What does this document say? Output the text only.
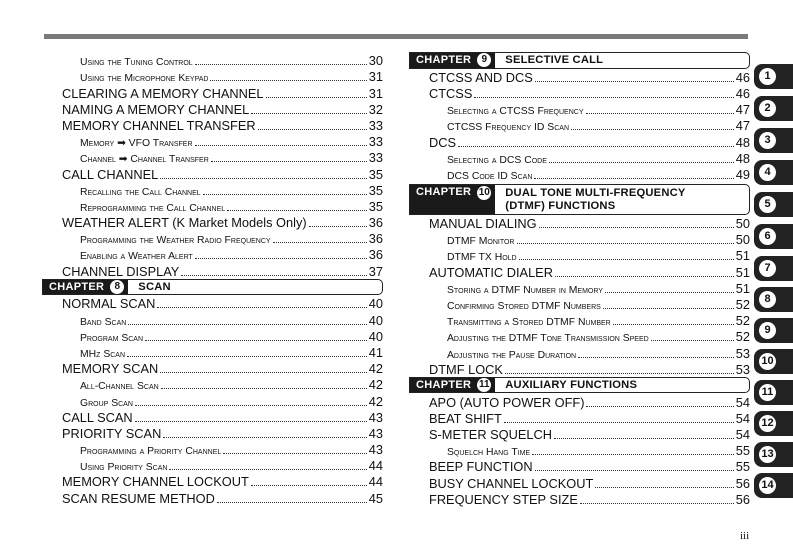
Using the Tuning Control	30
Using the Microphone Keypad	31
CLEARING A MEMORY CHANNEL	31
NAMING A MEMORY CHANNEL	32
MEMORY CHANNEL TRANSFER	33
Memory ➡ VFO Transfer	33
Channel ➡ Channel Transfer	33
CALL CHANNEL	35
Recalling the Call Channel	35
Reprogramming the Call Channel	35
WEATHER ALERT (K Market Models Only)	36
Programming the Weather Radio Frequency	36
Enabling a Weather Alert	36
CHANNEL DISPLAY	37
CHAPTER	8	SCAN
NORMAL SCAN	40
Band Scan	40
Program Scan	40
MHz Scan	41
MEMORY SCAN	42
All-Channel Scan	42
Group Scan	42
CALL SCAN	43
PRIORITY SCAN	43
Programming a Priority Channel	43
Using Priority Scan	44
MEMORY CHANNEL LOCKOUT	44
SCAN RESUME METHOD	45
CHAPTER	9	SELECTIVE CALL
CTCSS AND DCS	46
CTCSS	46
Selecting a CTCSS Frequency	47
CTCSS Frequency ID Scan	47
DCS	48
Selecting a DCS Code	48
DCS Code ID Scan	49
CHAPTER 10	DUAL TONE MULTI-FREQUENCY (DTMF) FUNCTIONS
MANUAL DIALING	50
DTMF Monitor	50
DTMF TX Hold	51
AUTOMATIC DIALER	51
Storing a DTMF Number in Memory	51
Confirming Stored DTMF Numbers	52
Transmitting a Stored DTMF Number	52
Adjusting the DTMF Tone Transmission Speed	52
Adjusting the Pause Duration	53
DTMF LOCK	53
CHAPTER 11	AUXILIARY FUNCTIONS
APO (AUTO POWER OFF)	54
BEAT SHIFT	54
S-METER SQUELCH	54
Squelch Hang Time	55
BEEP FUNCTION	55
BUSY CHANNEL LOCKOUT	56
FREQUENCY STEP SIZE	56
1
2
3
4
5
6
7
8
9
10
11
12
13
14
iii
